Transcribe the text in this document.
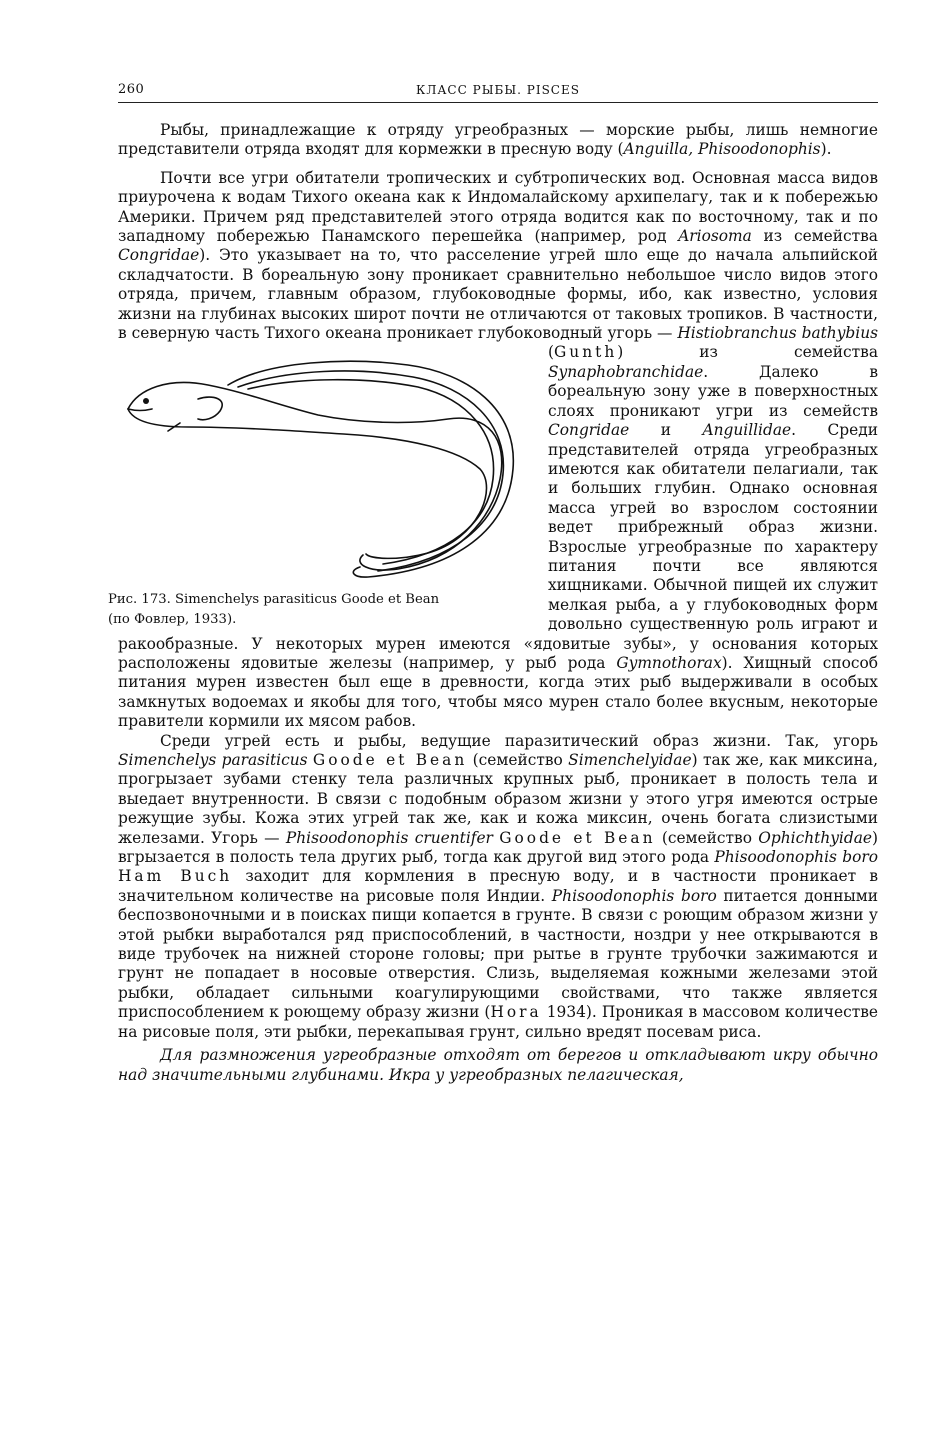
260	КЛАСС РЫБЫ. PISCES

Рыбы, принадлежащие к отряду угреобразных — морские рыбы, лишь немногие представители отряда входят для кормежки в пресную воду (Anguilla, Phisoodonophis).

Почти все угри обитатели тропических и субтропических вод. Основная масса видов приурочена к водам Тихого океана как к Индомалайскому архипелагу, так и к побережью Америки. Причем ряд представителей этого отряда водится как по восточному, так и по западному побережью Панамского перешейка (например, род Ariosoma из семейства Congridae). Это указывает на то, что расселение угрей шло еще до начала альпийской складчатости. В бореальную зону проникает сравнительно небольшое число видов этого отряда, причем, главным образом, глубоководные формы, ибо, как известно, условия жизни на глубинах высоких широт почти не отличаются от таковых тропиков. В частности, в северную часть Тихого океана проникает глубоководный угорь —
Рис. 173. Simenchelys parasiticus Goode et Bean
(по Фовлер, 1933).
Histiobranchus bathybius (Gunth) из семейства Synaphobranchidae. Далеко в бореальную зону уже в поверхностных слоях проникают угри из семейств Congridae и Anguillidae. Среди представителей отряда угреобразных имеются как обитатели пелагиали, так и больших глубин. Однако основная масса угрей во взрослом состоянии ведет прибрежный образ жизни. Взрослые угреобразные по характеру питания почти все являются хищниками. Обычной пищей их служит мелкая рыба, а у глубоководных форм довольно существенную роль играют и ракообразные. У некоторых мурен имеются «ядовитые зубы», у основания которых расположены ядовитые железы (например, у рыб рода Gymnothorax). Хищный способ питания мурен известен был еще в древности, когда этих рыб выдерживали в особых замкнутых водоемах и якобы для того, чтобы мясо мурен стало более вкусным, некоторые правители кормили их мясом рабов.

Среди угрей есть и рыбы, ведущие паразитический образ жизни. Так, угорь Simenchelys parasiticus Goode et Bean (семейство Simenchelyidae) так же, как миксина, прогрызает зубами стенку тела различных крупных рыб, проникает в полость тела и выедает внутренности. В связи с подобным образом жизни у этого угря имеются острые режущие зубы. Кожа этих угрей так же, как и кожа миксин, очень богата слизистыми железами. Угорь — Phisoodonophis cruentifer Goode et Bean (семейство Ophichthyidae) вгрызается в полость тела других рыб, тогда как другой вид этого рода Phisoodonophis boro Ham Buch заходит для кормления в пресную воду, и в частности проникает в значительном количестве на рисовые поля Индии. Phisoodonophis boro питается донными беспозвоночными и в поисках пищи копается в грунте. В связи с роющим образом жизни у этой рыбки выработался ряд приспособлений, в частности, ноздри у нее открываются в виде трубочек на нижней стороне головы; при рытье в грунте трубочки зажимаются и грунт не попадает в носовые отверстия. Слизь, выделяемая кожными железами этой рыбки, обладает сильными коагулирующими свойствами, что также является приспособлением к роющему образу жизни (Hora 1934). Проникая в массовом количестве на рисовые поля, эти рыбки, перекапывая грунт, сильно вредят посевам риса.

Для размножения угреобразные отходят от берегов и откладывают икру обычно над значительными глубинами. Икра у угреобразных пелагическая,
